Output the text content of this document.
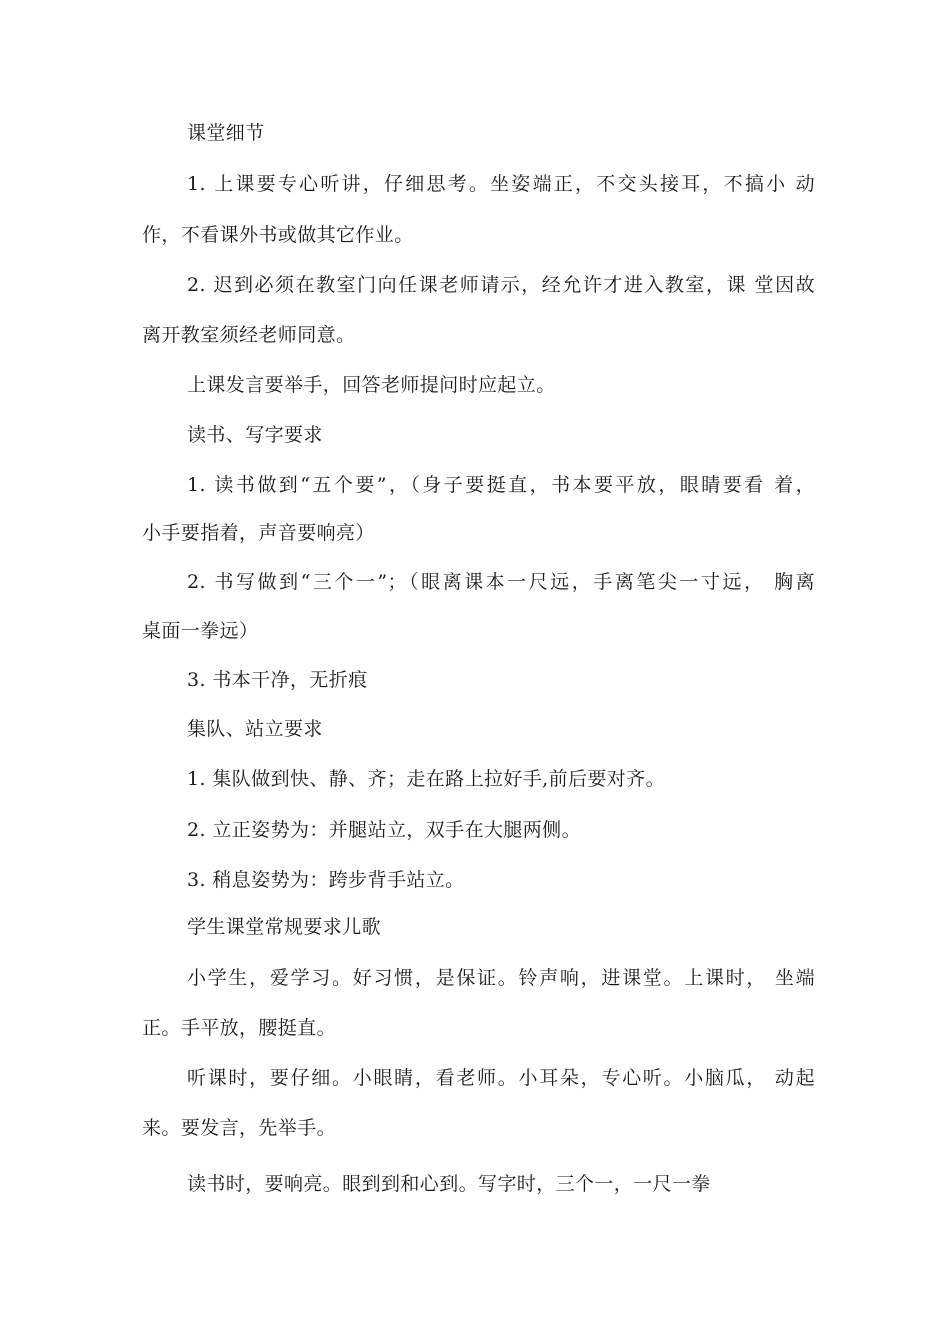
课堂细节
1. 上课要专心听讲，仔细思考。坐姿端正，不交头接耳，不搞小 动
作，不看课外书或做其它作业。
2. 迟到必须在教室门向任课老师请示，经允许才进入教室，课 堂因故
离开教室须经老师同意。
上课发言要举手，回答老师提问时应起立。
读书、写字要求
1. 读书做到“五个要”，（身子要挺直，书本要平放，眼睛要看 着，
小手要指着，声音要响亮）
2. 书写做到“三个一”；（眼离课本一尺远，手离笔尖一寸远， 胸离
桌面一拳远）
3. 书本干净，无折痕
集队、站立要求
1. 集队做到快、静、齐；走在路上拉好手,前后要对齐。
2. 立正姿势为：并腿站立，双手在大腿两侧。
3. 稍息姿势为：跨步背手站立。
学生课堂常规要求儿歌
小学生，爱学习。好习惯，是保证。铃声响，进课堂。上课时， 坐端
正。手平放，腰挺直。
听课时，要仔细。小眼睛，看老师。小耳朵，专心听。小脑瓜， 动起
来。要发言，先举手。
读书时，要响亮。眼到到和心到。写字时，三个一，一尺一拳
